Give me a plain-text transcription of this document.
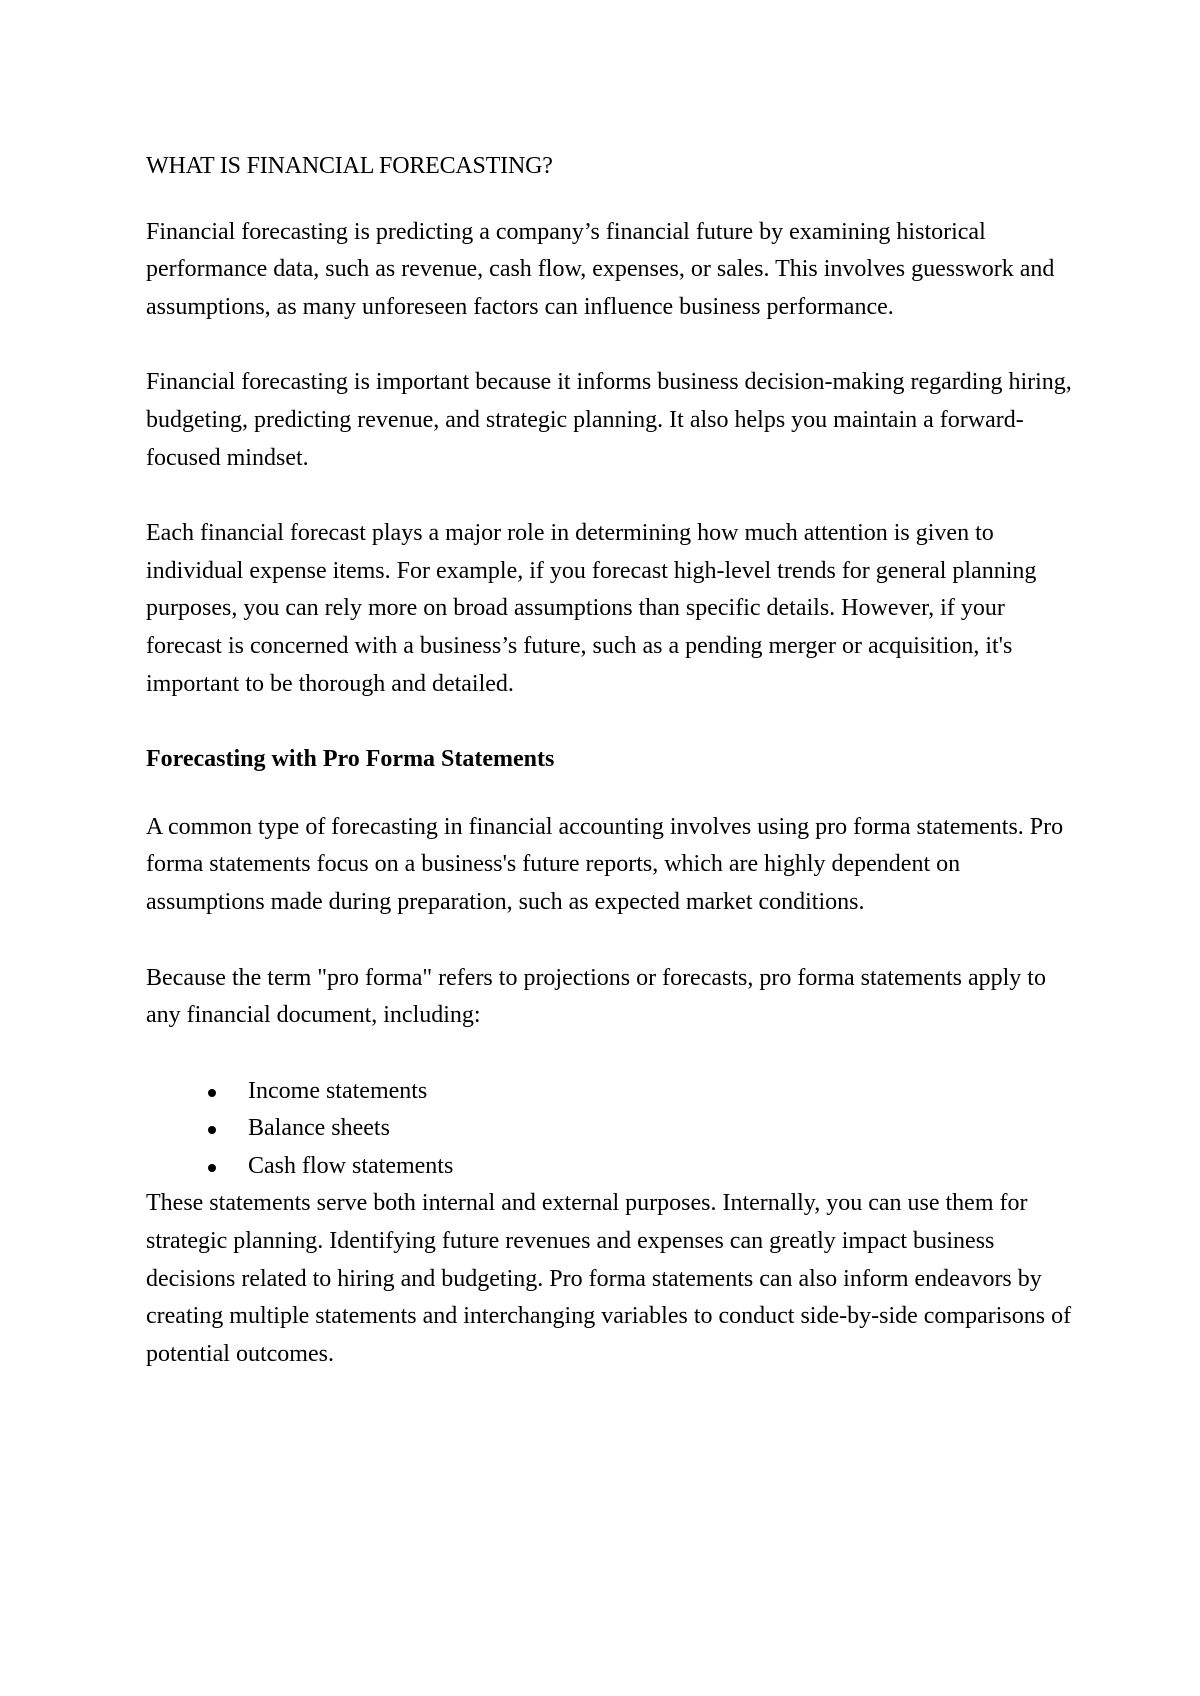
WHAT IS FINANCIAL FORECASTING?

Financial forecasting is predicting a company’s financial future by examining historical performance data, such as revenue, cash flow, expenses, or sales. This involves guesswork and assumptions, as many unforeseen factors can influence business performance.

Financial forecasting is important because it informs business decision-making regarding hiring, budgeting, predicting revenue, and strategic planning. It also helps you maintain a forward-focused mindset.

Each financial forecast plays a major role in determining how much attention is given to individual expense items. For example, if you forecast high-level trends for general planning purposes, you can rely more on broad assumptions than specific details. However, if your forecast is concerned with a business’s future, such as a pending merger or acquisition, it's important to be thorough and detailed.

Forecasting with Pro Forma Statements

A common type of forecasting in financial accounting involves using pro forma statements. Pro forma statements focus on a business's future reports, which are highly dependent on assumptions made during preparation, such as expected market conditions.

Because the term "pro forma" refers to projections or forecasts, pro forma statements apply to any financial document, including:

Income statements
Balance sheets
Cash flow statements

These statements serve both internal and external purposes. Internally, you can use them for strategic planning. Identifying future revenues and expenses can greatly impact business decisions related to hiring and budgeting. Pro forma statements can also inform endeavors by creating multiple statements and interchanging variables to conduct side-by-side comparisons of potential outcomes.
